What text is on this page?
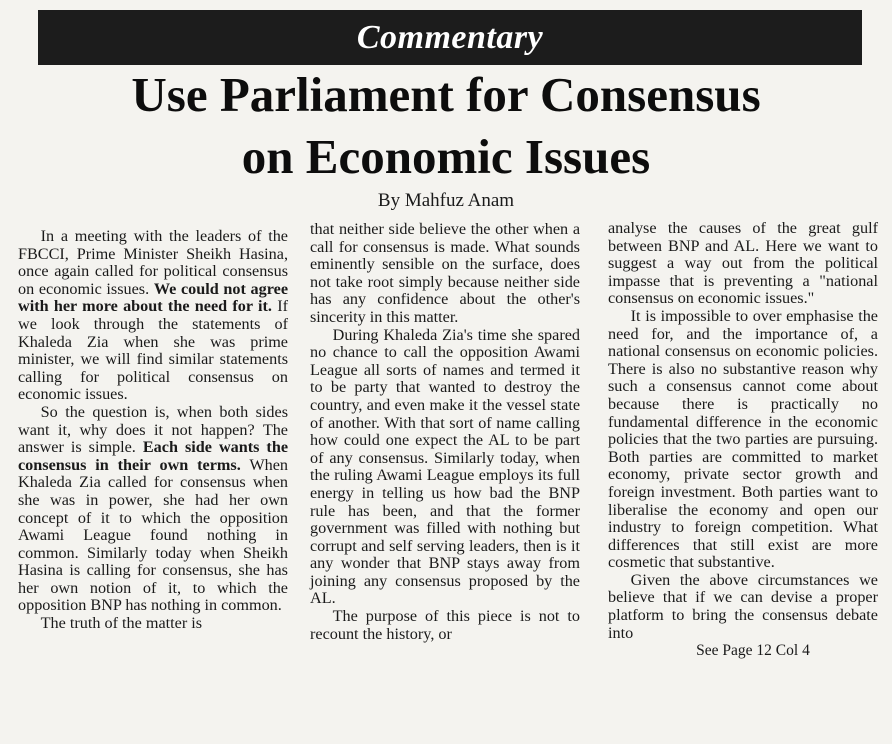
Commentary
Use Parliament for Consensus
on Economic Issues
By Mahfuz Anam

In a meeting with the leaders of the FBCCI, Prime Minister Sheikh Hasina, once again called for political consensus on economic issues. We could not agree with her more about the need for it. If we look through the statements of Khaleda Zia when she was prime minister, we will find similar statements calling for political consensus on economic issues.

So the question is, when both sides want it, why does it not happen? The answer is simple. Each side wants the consensus in their own terms. When Khaleda Zia called for consensus when she was in power, she had her own concept of it to which the opposition Awami League found nothing in common. Similarly today when Sheikh Hasina is calling for consensus, she has her own notion of it, to which the opposition BNP has nothing in common.

The truth of the matter is

that neither side believe the other when a call for consensus is made. What sounds eminently sensible on the surface, does not take root simply because neither side has any confidence about the other's sincerity in this matter.

During Khaleda Zia's time she spared no chance to call the opposition Awami League all sorts of names and termed it to be party that wanted to destroy the country, and even make it the vessel state of another. With that sort of name calling how could one expect the AL to be part of any consensus. Similarly today, when the ruling Awami League employs its full energy in telling us how bad the BNP rule has been, and that the former government was filled with nothing but corrupt and self serving leaders, then is it any wonder that BNP stays away from joining any consensus proposed by the AL.

The purpose of this piece is not to recount the history, or

analyse the causes of the great gulf between BNP and AL. Here we want to suggest a way out from the political impasse that is preventing a "national consensus on economic issues."

It is impossible to over emphasise the need for, and the importance of, a national consensus on economic policies. There is also no substantive reason why such a consensus cannot come about because there is practically no fundamental difference in the economic policies that the two parties are pursuing. Both parties are committed to market economy, private sector growth and foreign investment. Both parties want to liberalise the economy and open our industry to foreign competition. What differences that still exist are more cosmetic that substantive.

Given the above circumstances we believe that if we can devise a proper platform to bring the consensus debate into

See Page 12 Col 4
